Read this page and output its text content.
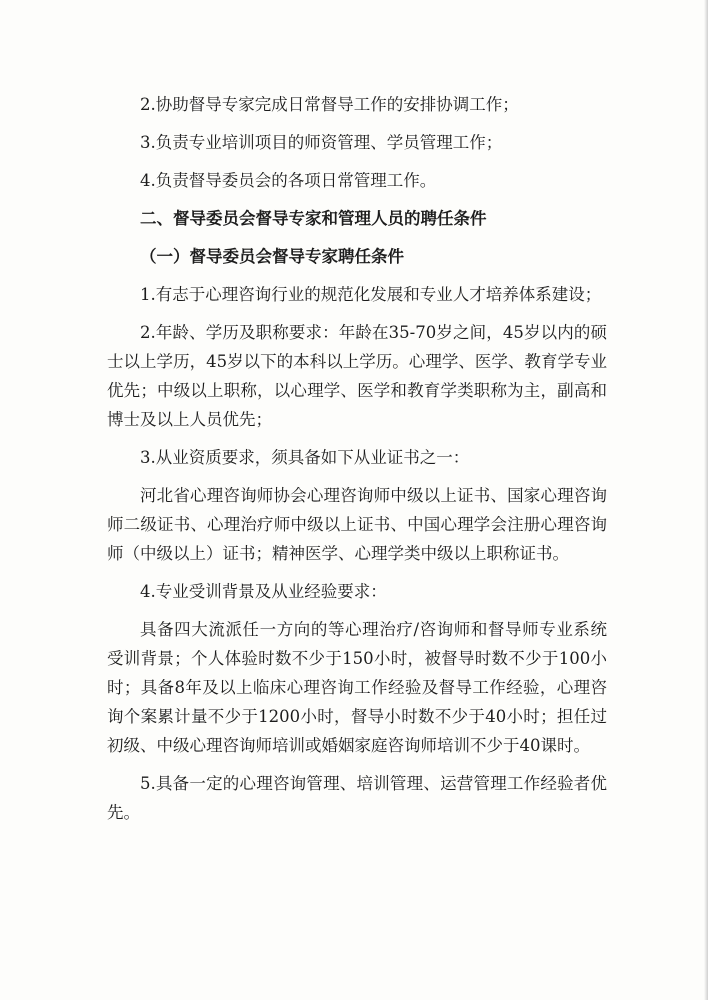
2.协助督导专家完成日常督导工作的安排协调工作；

3.负责专业培训项目的师资管理、学员管理工作；

4.负责督导委员会的各项日常管理工作。

二、督导委员会督导专家和管理人员的聘任条件

（一）督导委员会督导专家聘任条件

1.有志于心理咨询行业的规范化发展和专业人才培养体系建设；

2.年龄、学历及职称要求：年龄在35-70岁之间，45岁以内的硕士以上学历，45岁以下的本科以上学历。心理学、医学、教育学专业优先；中级以上职称，以心理学、医学和教育学类职称为主，副高和博士及以上人员优先；

3.从业资质要求，须具备如下从业证书之一：

河北省心理咨询师协会心理咨询师中级以上证书、国家心理咨询师二级证书、心理治疗师中级以上证书、中国心理学会注册心理咨询师（中级以上）证书；精神医学、心理学类中级以上职称证书。

4.专业受训背景及从业经验要求：

具备四大流派任一方向的等心理治疗/咨询师和督导师专业系统受训背景；个人体验时数不少于150小时，被督导时数不少于100小时；具备8年及以上临床心理咨询工作经验及督导工作经验，心理咨询个案累计量不少于1200小时，督导小时数不少于40小时；担任过初级、中级心理咨询师培训或婚姻家庭咨询师培训不少于40课时。

5.具备一定的心理咨询管理、培训管理、运营管理工作经验者优先。
